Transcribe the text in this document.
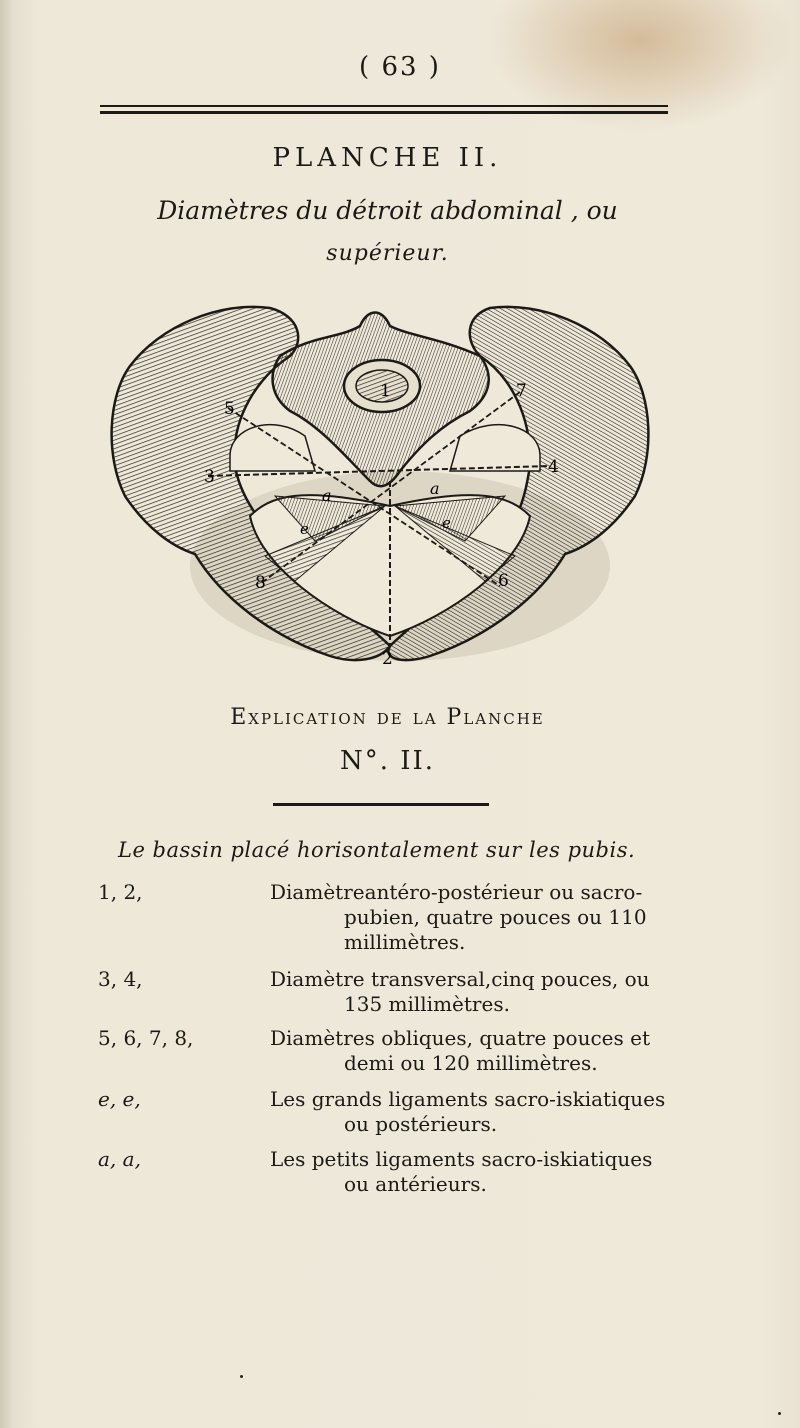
( 63 )
PLANCHE II.
Diamètres du détroit abdominal , ou
supérieur.
1
2
3	4
5
6
7
8
a	a
e	e
Explication de la Planche
N°. II.
Le bassin placé horisontalement sur les pubis.
1, 2,	Diamètreantéro-postérieur ou sacro-
pubien, quatre pouces ou 110 millimètres.
3, 4,	Diamètre transversal,cinq pouces, ou
135 millimètres.
5, 6, 7, 8,	Diamètres obliques, quatre pouces et
demi ou 120 millimètres.
e, e,	Les grands ligaments sacro-iskiatiques
ou postérieurs.
a, a,	Les petits ligaments sacro-iskiatiques
ou antérieurs.
